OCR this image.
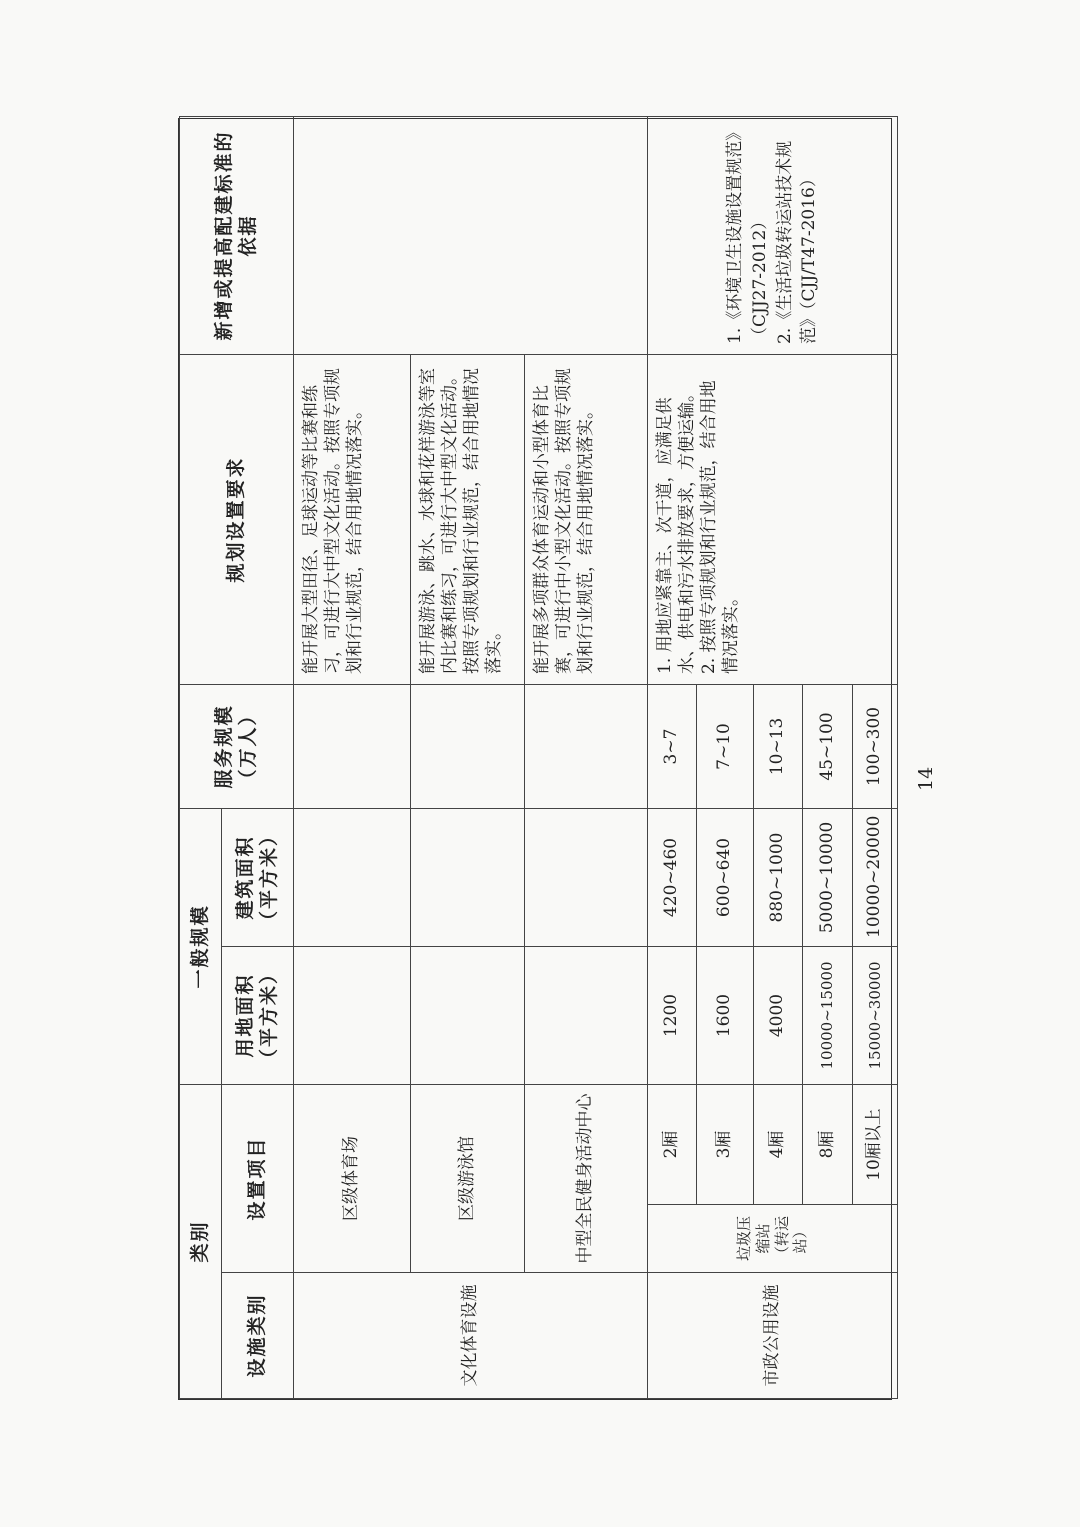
类别			一般规模		服务规模（万人）	规划设置要求	新增或提高配建标准的依据
设施类别	设置项目		用地面积（平方米）	建筑面积（平方米）			
文化体育设施	区级体育场					能开展大型田径、足球运动等比赛和练习，可进行大中型文化活动。按照专项规划和行业规范，结合用地情况落实。	
	区级游泳馆					能开展游泳、跳水、水球和花样游泳等室内比赛和练习，可进行大中型文化活动。按照专项规划和行业规范，结合用地情况落实。	
	中型全民健身活动中心					能开展多项群众体育运动和小型体育比赛，可进行中小型文化活动。按照专项规划和行业规范，结合用地情况落实。	
市政公用设施	垃圾压缩站（转运站）	2厢	1200	420~460	3~7	1. 用地应紧靠主、次干道，应满足供水、供电和污水排放要求，方便运输。 2. 按照专项规划和行业规范，结合用地情况落实。	1.《环境卫生设施设置规范》（CJJ27-2012） 2.《生活垃圾转运站技术规范》（CJJ/T47-2016）

		3厢	1600	600~640	7~10		
		4厢	4000	880~1000	10~13		
		8厢	10000~15000	5000~10000	45~100		
		10厢以上	15000~30000	10000~20000	100~300		14
